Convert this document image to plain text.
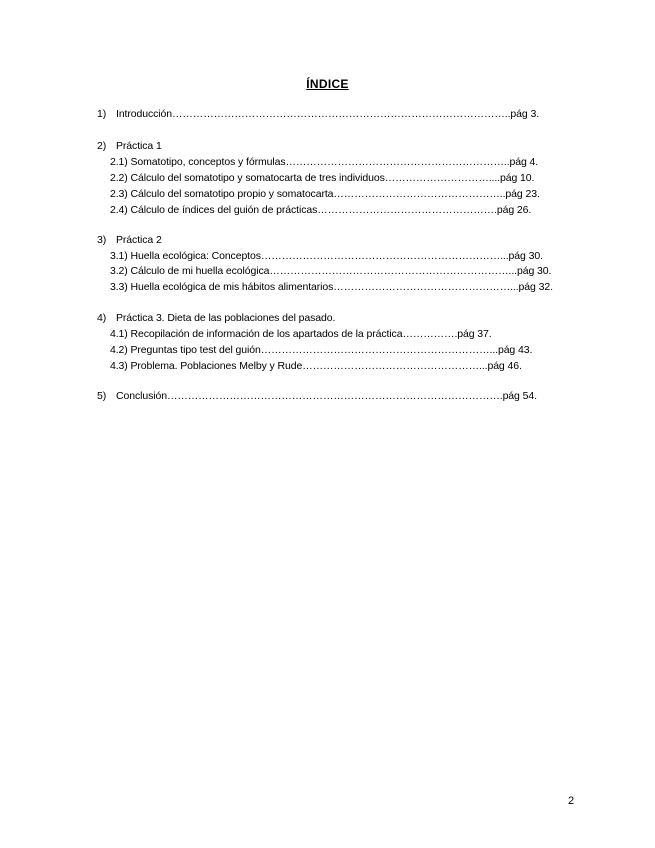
ÍNDICE
1) Introducción……………………………………………………………………………………..pág 3.
2) Práctica 1
2.1) Somatotipo, conceptos y fórmulas………………………………………………………..pág 4.
2.2) Cálculo del somatotipo y somatocarta de tres individuos…………………………....pág 10.
2.3) Cálculo del somatotipo propio y somatocarta…………………………………………..pág 23.
2.4) Cálculo de índices del guión de prácticas…………………………………………….pág 26.
3) Práctica 2
3.1) Huella ecológica: Conceptos……………………………………………………………...pág 30.
3.2) Cálculo de mi huella ecológica……………………………………………………………...pág 30.
3.3) Huella ecológica de mis hábitos alimentarios……………………………………………...pág 32.
4) Práctica 3. Dieta de las poblaciones del pasado.
4.1) Recopilación de información de los apartados de la práctica…………….pág 37.
4.2) Preguntas tipo test del guión…………………………………………………………...pág 43.
4.3) Problema. Poblaciones Melby y Rude……………………………………………...pág 46.
5) Conclusión…………………………………………………………………………………….pág 54.
2
